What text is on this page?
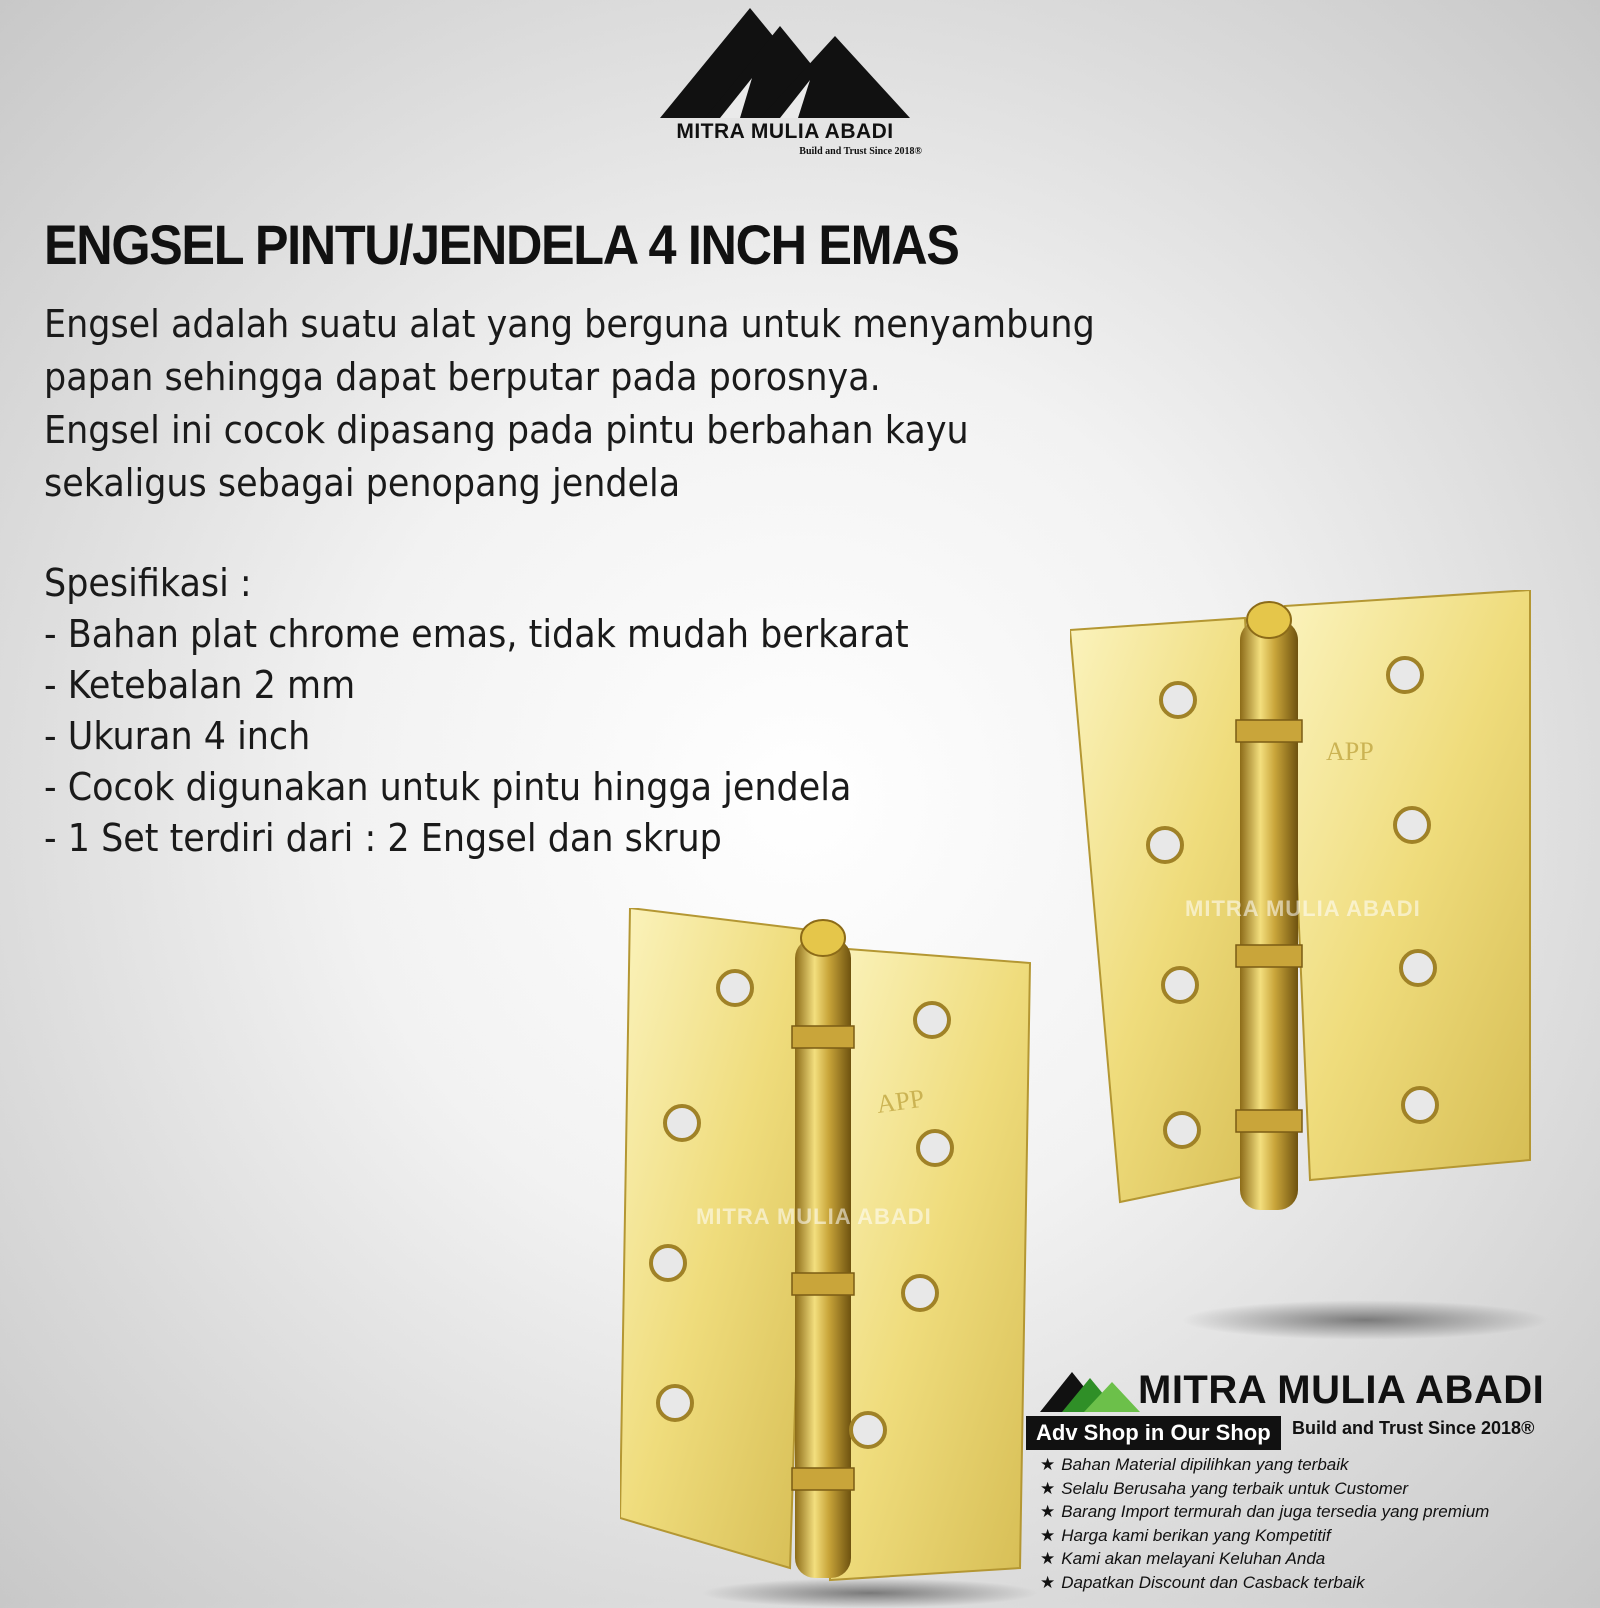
MITRA MULIA ABADI
Build and Trust Since 2018®
ENGSEL PINTU/JENDELA 4 INCH EMAS
Engsel adalah suatu alat yang berguna untuk menyambung
papan sehingga dapat berputar pada porosnya.
Engsel ini cocok dipasang pada pintu berbahan kayu
sekaligus sebagai penopang jendela
Spesifikasi :
- Bahan plat chrome emas, tidak mudah berkarat
- Ketebalan 2 mm
- Ukuran 4 inch
- Cocok digunakan untuk pintu hingga jendela
- 1 Set terdiri dari : 2 Engsel dan skrup
APP
MITRA MULIA ABADI
APP
MITRA MULIA ABADI
MITRA MULIA ABADI
Adv Shop in Our Shop	Build and Trust Since 2018®
★ Bahan Material dipilihkan yang terbaik
★ Selalu Berusaha yang terbaik untuk Customer
★ Barang Import termurah dan juga tersedia yang premium
★ Harga kami berikan yang Kompetitif
★ Kami akan melayani Keluhan Anda
★ Dapatkan Discount dan Casback terbaik
